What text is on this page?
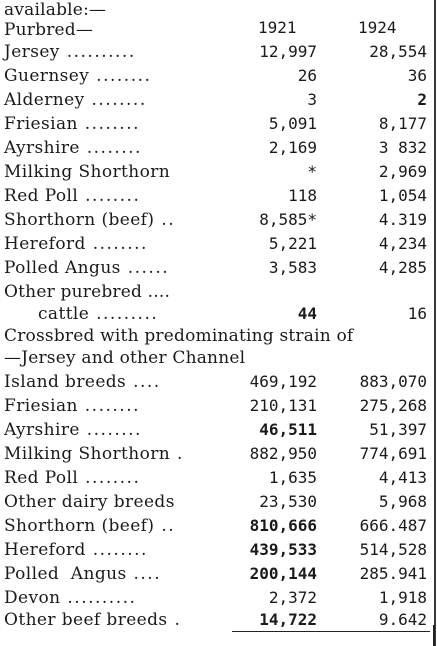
available:—
Purbred—	1921	1924
Jersey ..........	12,997	28,554
Guernsey ........	26	36
Alderney ........	3	2
Friesian ........	5,091	8,177
Ayrshire ........	2,169	3 832
Milking Shorthorn	*	2,969
Red Poll ........	118	1,054
Shorthorn (beef) ..	8,585*	4.319
Hereford ........	5,221	4,234
Polled Angus ......	3,583	4,285
Other purebred ....
cattle .........	44	16
Crossbred with predominating strain of
—Jersey and other Channel
Island breeds ....	469,192	883,070
Friesian ........	210,131	275,268
Ayrshire ........	46,511	51,397
Milking Shorthorn .	882,950	774,691
Red Poll ........	1,635	4,413
Other dairy breeds	23,530	5,968
Shorthorn (beef) ..	810,666	666.487
Hereford ........	439,533	514,528
Polled  Angus ....	200,144	285.941
Devon ..........	2,372	1,918
Other beef breeds .	14,722	9.642
